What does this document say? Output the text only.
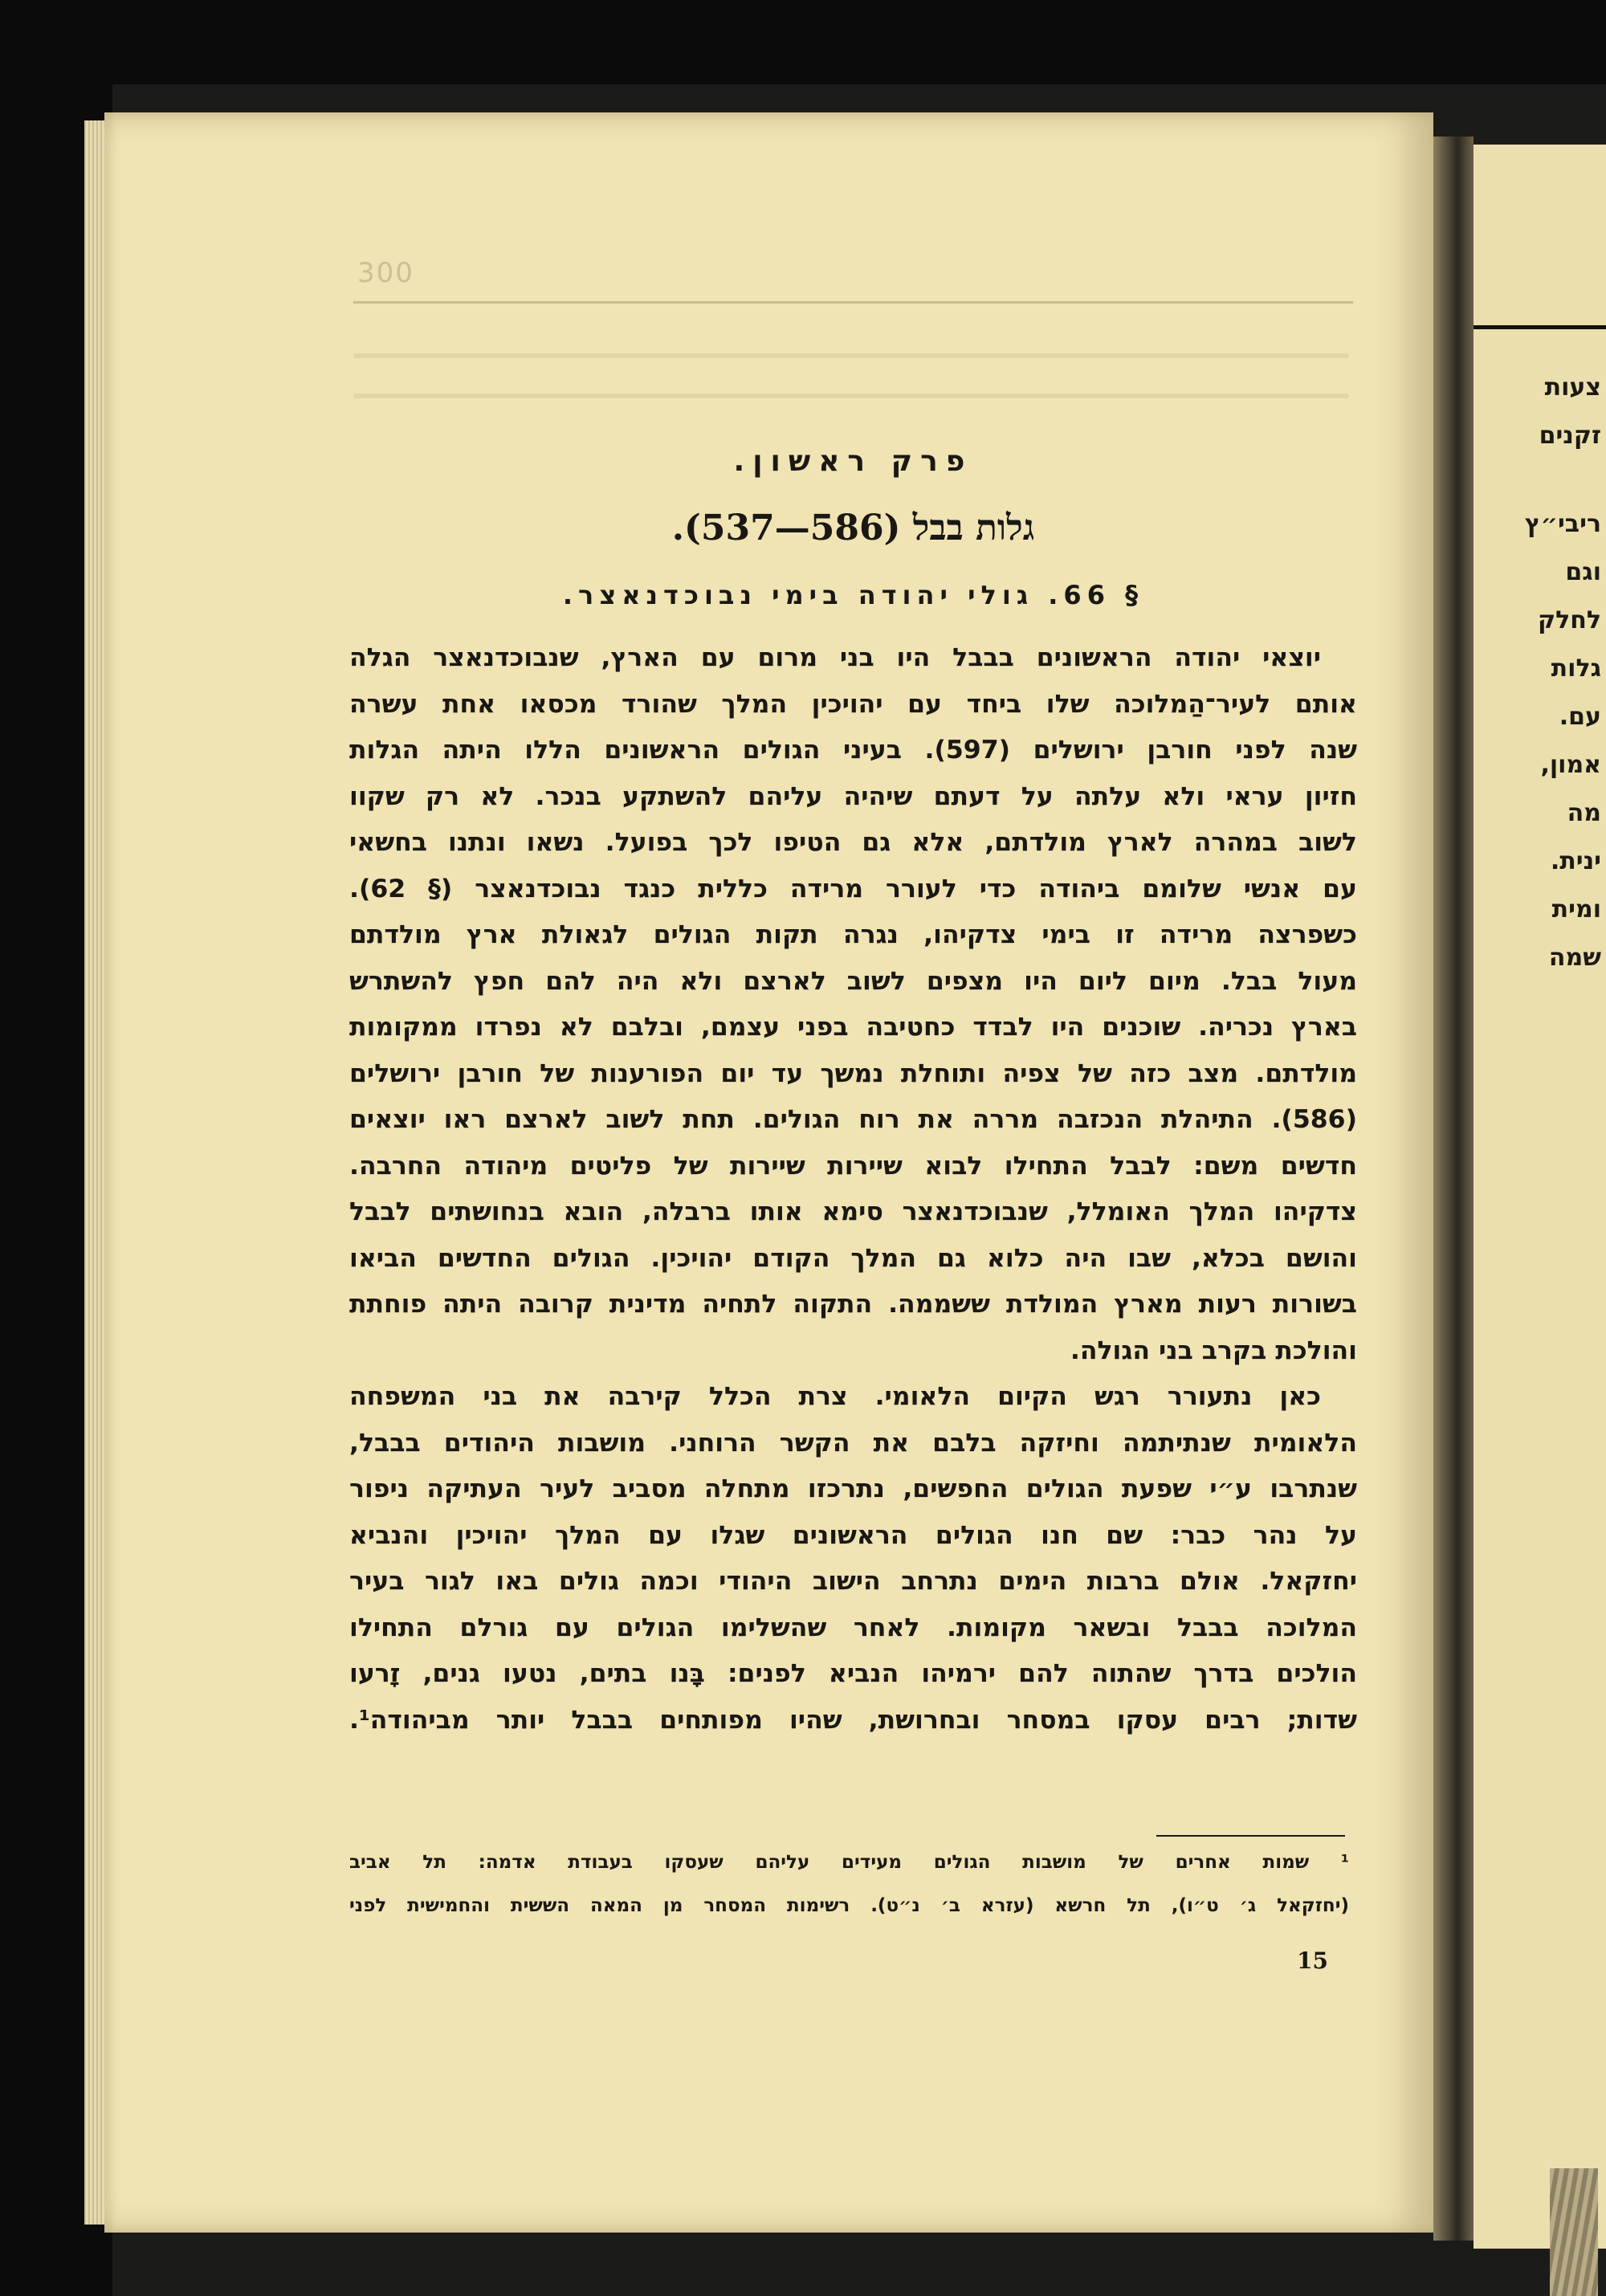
300
פרק ראשון.
גלות בבל (586—537).
§ 66. גולי יהודה בימי נבוכדנאצר.
יוצאי יהודה הראשונים בבבל היו בני מרום עם הארץ, שנבוכדנאצר הגלה
אותם לעיר־הַמלוכה שלו ביחד עם יהויכין המלך שהורד מכסאו אחת עשרה
שנה לפני חורבן ירושלים (597). בעיני הגולים הראשונים הללו היתה הגלות
חזיון עראי ולא עלתה על דעתם שיהיה עליהם להשתקע בנכר. לא רק שקוו
לשוב במהרה לארץ מולדתם, אלא גם הטיפו לכך בפועל. נשאו ונתנו בחשאי
עם אנשי שלומם ביהודה כדי לעורר מרידה כללית כנגד נבוכדנאצר (§ 62).
כשפרצה מרידה זו בימי צדקיהו, נגרה תקות הגולים לגאולת ארץ מולדתם
מעול בבל. מיום ליום היו מצפים לשוב לארצם ולא היה להם חפץ להשתרש
בארץ נכריה. שוכנים היו לבדד כחטיבה בפני עצמם, ובלבם לא נפרדו ממקומות
מולדתם. מצב כזה של צפיה ותוחלת נמשך עד יום הפורענות של חורבן ירושלים
(586). התיהלת הנכזבה מררה את רוח הגולים. תחת לשוב לארצם ראו יוצאים
חדשים משם: לבבל התחילו לבוא שיירות שיירות של פליטים מיהודה החרבה.
צדקיהו המלך האומלל, שנבוכדנאצר סימא אותו ברבלה, הובא בנחושתים לבבל
והושם בכלא, שבו היה כלוא גם המלך הקודם יהויכין. הגולים החדשים הביאו
בשורות רעות מארץ המולדת ששממה. התקוה לתחיה מדינית קרובה היתה פוחתת
והולכת בקרב בני הגולה.
כאן נתעורר רגש הקיום הלאומי. צרת הכלל קירבה את בני המשפחה
הלאומית שנתיתמה וחיזקה בלבם את הקשר הרוחני. מושבות היהודים בבבל,
שנתרבו ע״י שפעת הגולים החפשים, נתרכזו מתחלה מסביב לעיר העתיקה ניפור
על נהר כבר: שם חנו הגולים הראשונים שגלו עם המלך יהויכין והנביא
יחזקאל. אולם ברבות הימים נתרחב הישוב היהודי וכמה גולים באו לגור בעיר
המלוכה בבבל ובשאר מקומות. לאחר שהשלימו הגולים עם גורלם התחילו
הולכים בדרך שהתוה להם ירמיהו הנביא לפנים: בָּנו בתים, נטעו גנים, זָרעו
שדות; רבים עסקו במסחר ובחרושת, שהיו מפותחים בבבל יותר מביהודה¹.
¹ שמות אחרים של מושבות הגולים מעידים עליהם שעסקו בעבודת אדמה: תל אביב
(יחזקאל ג׳ ט״ו), תל חרשא (עזרא ב׳ נ״ט). רשימות המסחר מן המאה הששית והחמישית לפני
15
צעות
זקנים
ריבי״ץ
וגם
לחלק
גלות
עם.
אמון,
מה
ינית.
ומית
שמה
